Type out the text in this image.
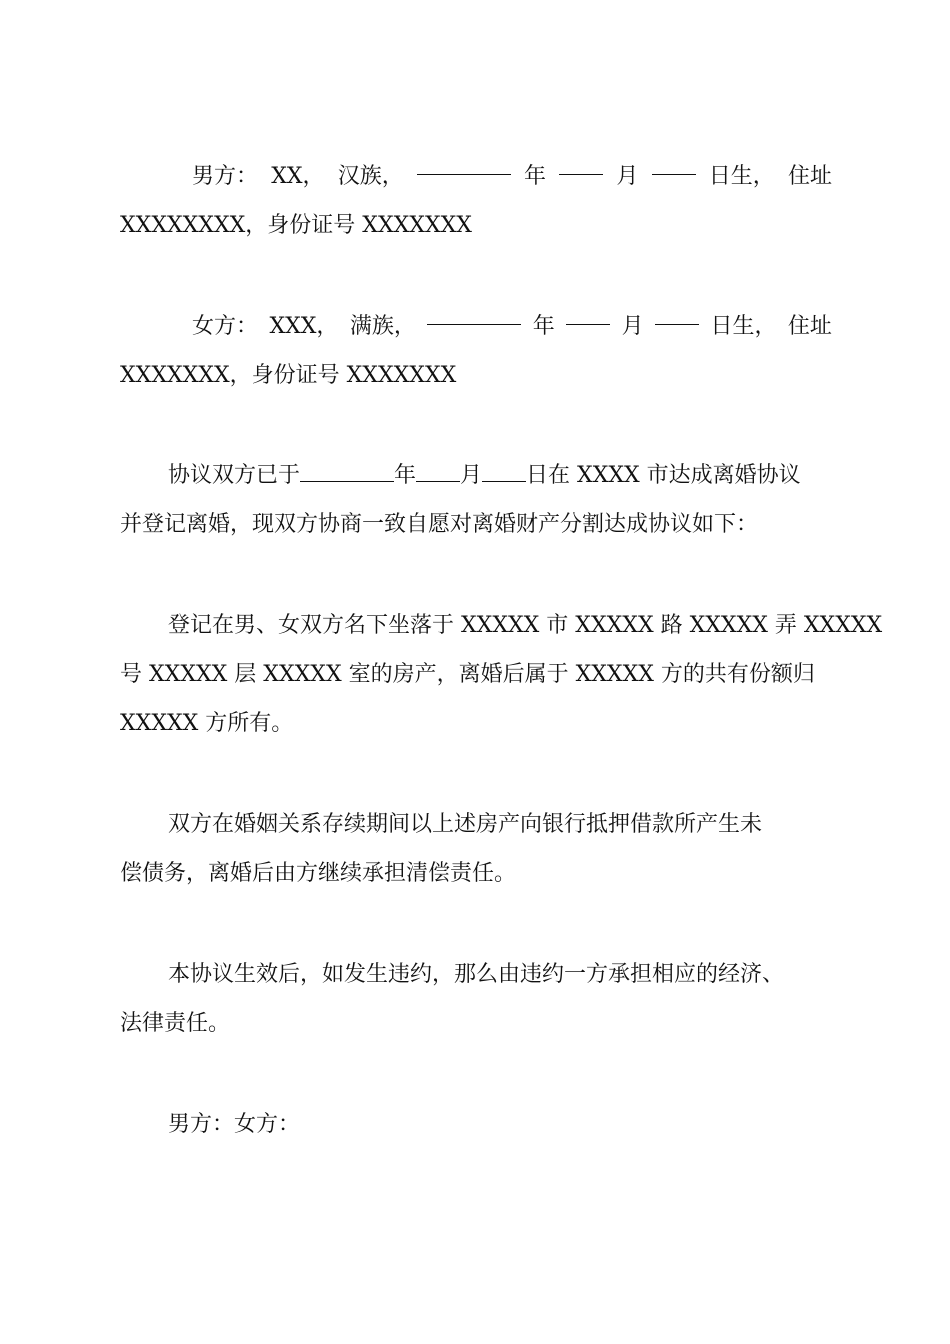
男方： XX， 汉族，	年	月	日生， 住址
XXXXXXXX，身份证号 XXXXXXX
女方： XXX， 满族，	年	月	日生， 住址
XXXXXXX，身份证号 XXXXXXX
协议双方已于	年 月 日在 XXXX 市达成离婚协议
并登记离婚，现双方协商一致自愿对离婚财产分割达成协议如下：
登记在男、女双方名下坐落于 XXXXX 市 XXXXX 路 XXXXX 弄 XXXXX
号 XXXXX 层 XXXXX 室的房产，离婚后属于 XXXXX 方的共有份额归
XXXXX 方所有。
双方在婚姻关系存续期间以上述房产向银行抵押借款所产生未
偿债务，离婚后由方继续承担清偿责任。
本协议生效后，如发生违约，那么由违约一方承担相应的经济、
法律责任。
男方：女方：
